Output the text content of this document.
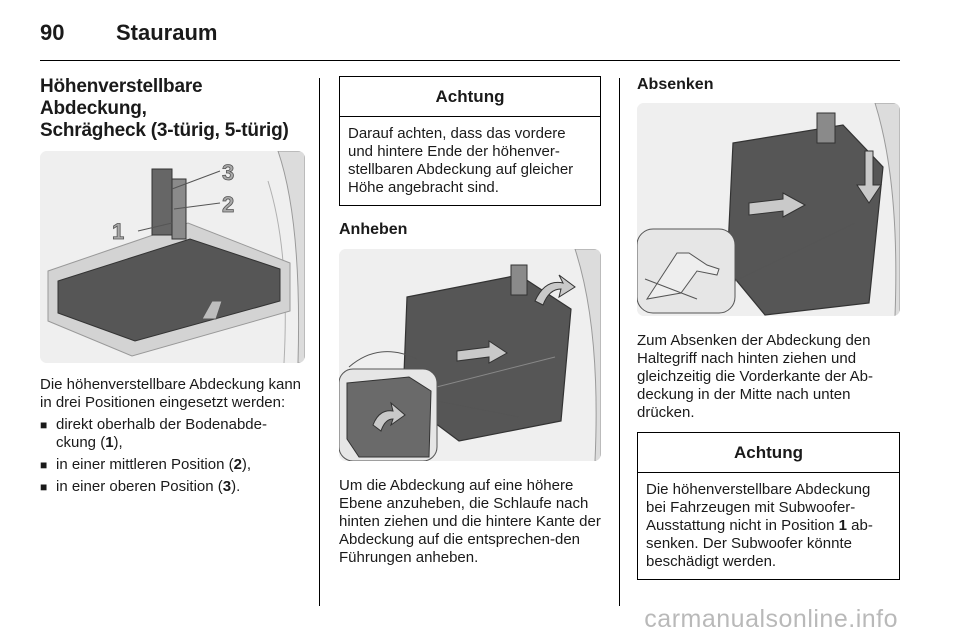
90 Stauraum
Höhenverstellbare Abdeckung,
Schrägheck (3-türig, 5-türig)
1
2
3

Die höhenverstellbare Abdeckung kann in drei Positionen eingesetzt werden:

■ direkt oberhalb der Bodenabde-ckung (1),
■ in einer mittleren Position (2),
■ in einer oberen Position (3).
Achtung
Darauf achten, dass das vordere und hintere Ende der höhenver-stellbaren Abdeckung auf gleicher Höhe angebracht sind.
Anheben

Um die Abdeckung auf eine höhere Ebene anzuheben, die Schlaufe nach hinten ziehen und die hintere Kante der Abdeckung auf die entsprechen-den Führungen anheben.

Absenken

Zum Absenken der Abdeckung den Haltegriff nach hinten ziehen und gleichzeitig die Vorderkante der Ab-deckung in der Mitte nach unten drücken.

Achtung
Die höhenverstellbare Abdeckung bei Fahrzeugen mit Subwoofer-Ausstattung nicht in Position 1 ab-senken. Der Subwoofer könnte beschädigt werden.
carmanualsonline.info
